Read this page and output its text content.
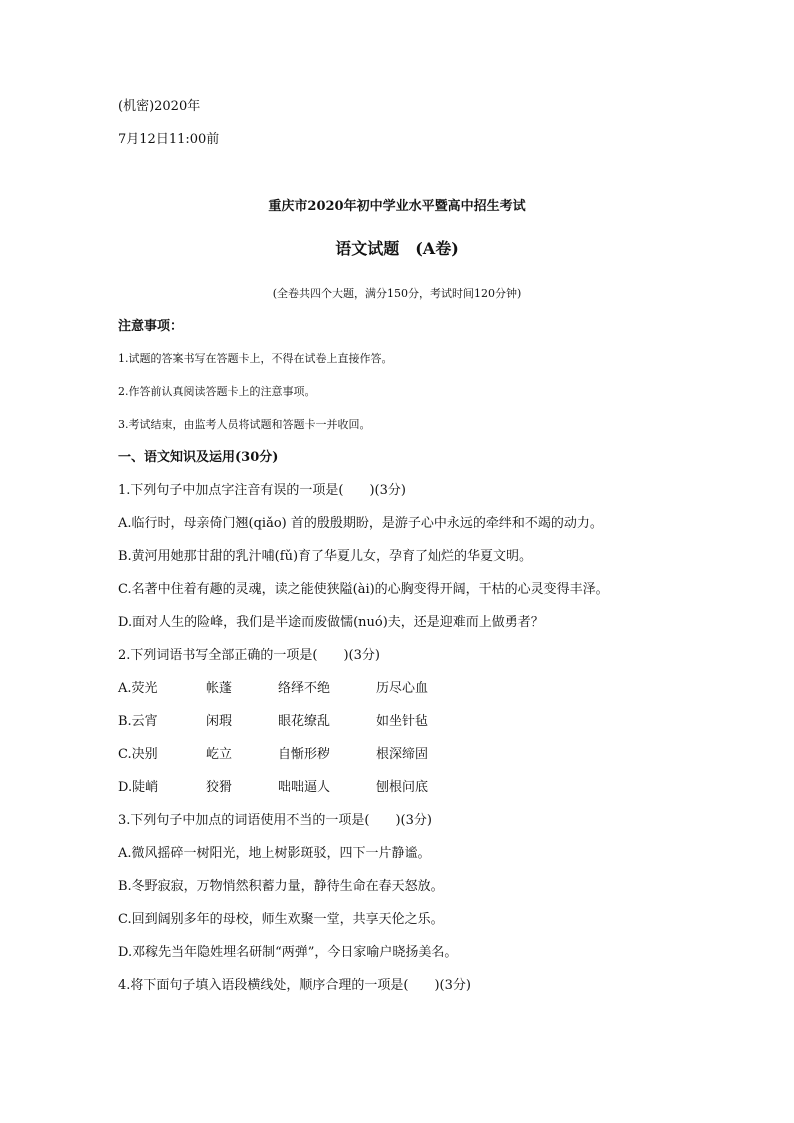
(机密)2020年
7月12日11:00前
重庆市2020年初中学业水平暨高中招生考试
语文试题　(A卷)
(全卷共四个大题，满分150分，考试时间120分钟)
注意事项：
1.试题的答案书写在答题卡上，不得在试卷上直接作答。
2.作答前认真阅读答题卡上的注意事项。
3.考试结束，由监考人员将试题和答题卡一并收回。
一、语文知识及运用(30分)
1.下列句子中加点字注音有误的一项是(　　)(3分)
A.临行时，母亲倚门翘(qiǎo) 首的殷殷期盼，是游子心中永远的牵绊和不竭的动力。
B.黄河用她那甘甜的乳汁哺(fǔ)育了华夏儿女，孕育了灿烂的华夏文明。
C.名著中住着有趣的灵魂，读之能使狭隘(ài)的心胸变得开阔，干枯的心灵变得丰泽。
D.面对人生的险峰，我们是半途而废做懦(nuó)夫，还是迎难而上做勇者？
2.下列词语书写全部正确的一项是(　　)(3分)
A.荧光	帐蓬	络绎不绝	历尽心血
B.云宵	闲瑕	眼花缭乱	如坐针毡
C.决别	屹立	自惭形秽	根深缔固
D.陡峭	狡猾	咄咄逼人	刨根问底
3.下列句子中加点的词语使用不当的一项是(　　)(3分)
A.微风摇碎一树阳光，地上树影斑驳，四下一片静谧。
B.冬野寂寂，万物悄然积蓄力量，静待生命在春天怒放。
C.回到阔别多年的母校，师生欢聚一堂，共享天伦之乐。
D.邓稼先当年隐姓埋名研制“两弹”，今日家喻户晓扬美名。
4.将下面句子填入语段横线处，顺序合理的一项是(　　)(3分)
